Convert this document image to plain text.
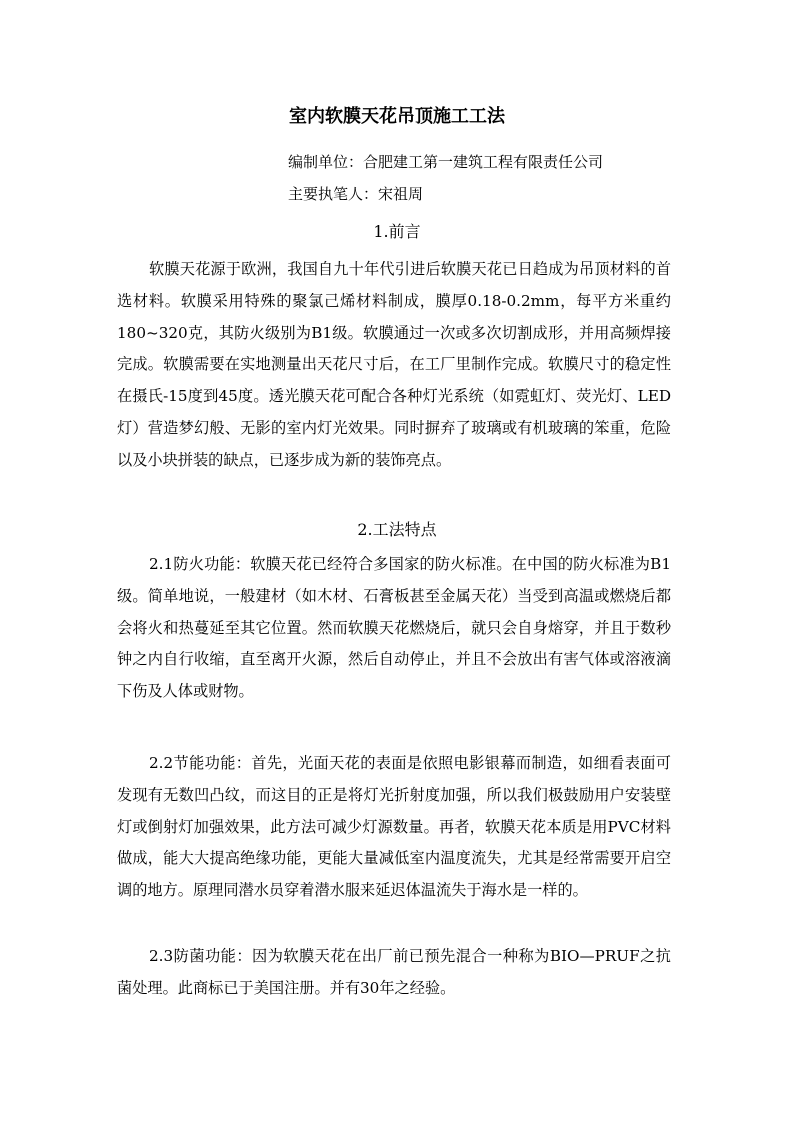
室内软膜天花吊顶施工工法
编制单位：合肥建工第一建筑工程有限责任公司
主要执笔人：宋祖周
1.前言

软膜天花源于欧洲，我国自九十年代引进后软膜天花已日趋成为吊顶材料的首选材料。软膜采用特殊的聚氯己烯材料制成，膜厚0.18-0.2mm，每平方米重约180~320克，其防火级别为B1级。软膜通过一次或多次切割成形，并用高频焊接完成。软膜需要在实地测量出天花尺寸后，在工厂里制作完成。软膜尺寸的稳定性在摄氏-15度到45度。透光膜天花可配合各种灯光系统（如霓虹灯、荧光灯、LED灯）营造梦幻般、无影的室内灯光效果。同时摒弃了玻璃或有机玻璃的笨重，危险以及小块拼装的缺点，已逐步成为新的装饰亮点。

2.工法特点

2.1防火功能：软膜天花已经符合多国家的防火标准。在中国的防火标准为B1级。简单地说，一般建材（如木材、石膏板甚至金属天花）当受到高温或燃烧后都会将火和热蔓延至其它位置。然而软膜天花燃烧后，就只会自身熔穿，并且于数秒钟之内自行收缩，直至离开火源，然后自动停止，并且不会放出有害气体或溶液滴下伤及人体或财物。

2.2节能功能：首先，光面天花的表面是依照电影银幕而制造，如细看表面可发现有无数凹凸纹，而这目的正是将灯光折射度加强，所以我们极鼓励用户安装壁灯或倒射灯加强效果，此方法可减少灯源数量。再者，软膜天花本质是用PVC材料做成，能大大提高绝缘功能，更能大量减低室内温度流失，尤其是经常需要开启空调的地方。原理同潜水员穿着潜水服来延迟体温流失于海水是一样的。

2.3防菌功能：因为软膜天花在出厂前已预先混合一种称为BIO—PRUF之抗菌处理。此商标已于美国注册。并有30年之经验。
